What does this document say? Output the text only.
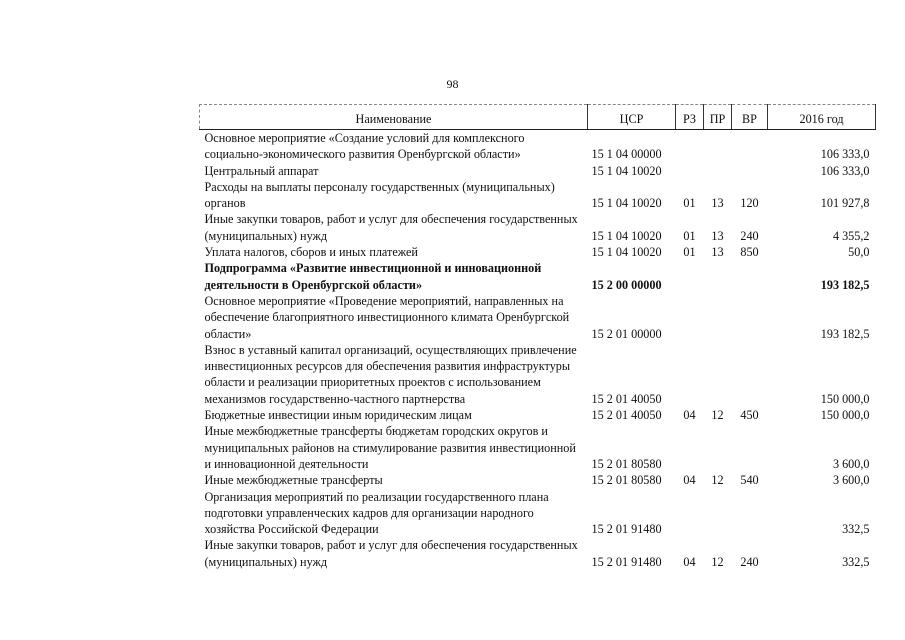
98
Наименование	ЦСР	РЗ	ПР	ВР	2016 год
Основное мероприятие «Создание условий для комплексного социально-экономического развития Оренбургской области»	15 1 04 00000				106 333,0
Центральный аппарат	15 1 04 10020				106 333,0
Расходы на выплаты персоналу государственных (муниципальных) органов	15 1 04 10020	01	13	120	101 927,8
Иные закупки товаров, работ и услуг для обеспечения государственных (муниципальных) нужд	15 1 04 10020	01	13	240	4 355,2
Уплата налогов, сборов и иных платежей	15 1 04 10020	01	13	850	50,0
Подпрограмма «Развитие инвестиционной и инновационной деятельности в Оренбургской области»	15 2 00 00000				193 182,5
Основное мероприятие «Проведение мероприятий, направленных на обеспечение благоприятного инвестиционного климата Оренбургской области»	15 2 01 00000				193 182,5
Взнос в уставный капитал организаций, осуществляющих привлечение инвестиционных ресурсов для обеспечения развития инфраструктуры области и реализации приоритетных проектов с использованием механизмов государственно-частного партнерства	15 2 01 40050				150 000,0
Бюджетные инвестиции иным юридическим лицам	15 2 01 40050	04	12	450	150 000,0
Иные межбюджетные трансферты бюджетам городских округов и муниципальных районов на стимулирование развития инвестиционной и инновационной деятельности	15 2 01 80580				3 600,0
Иные межбюджетные трансферты	15 2 01 80580	04	12	540	3 600,0
Организация мероприятий по реализации государственного плана подготовки управленческих кадров для организации народного хозяйства Российской Федерации	15 2 01 91480				332,5
Иные закупки товаров, работ и услуг для обеспечения государственных (муниципальных) нужд	15 2 01 91480	04	12	240	332,5
